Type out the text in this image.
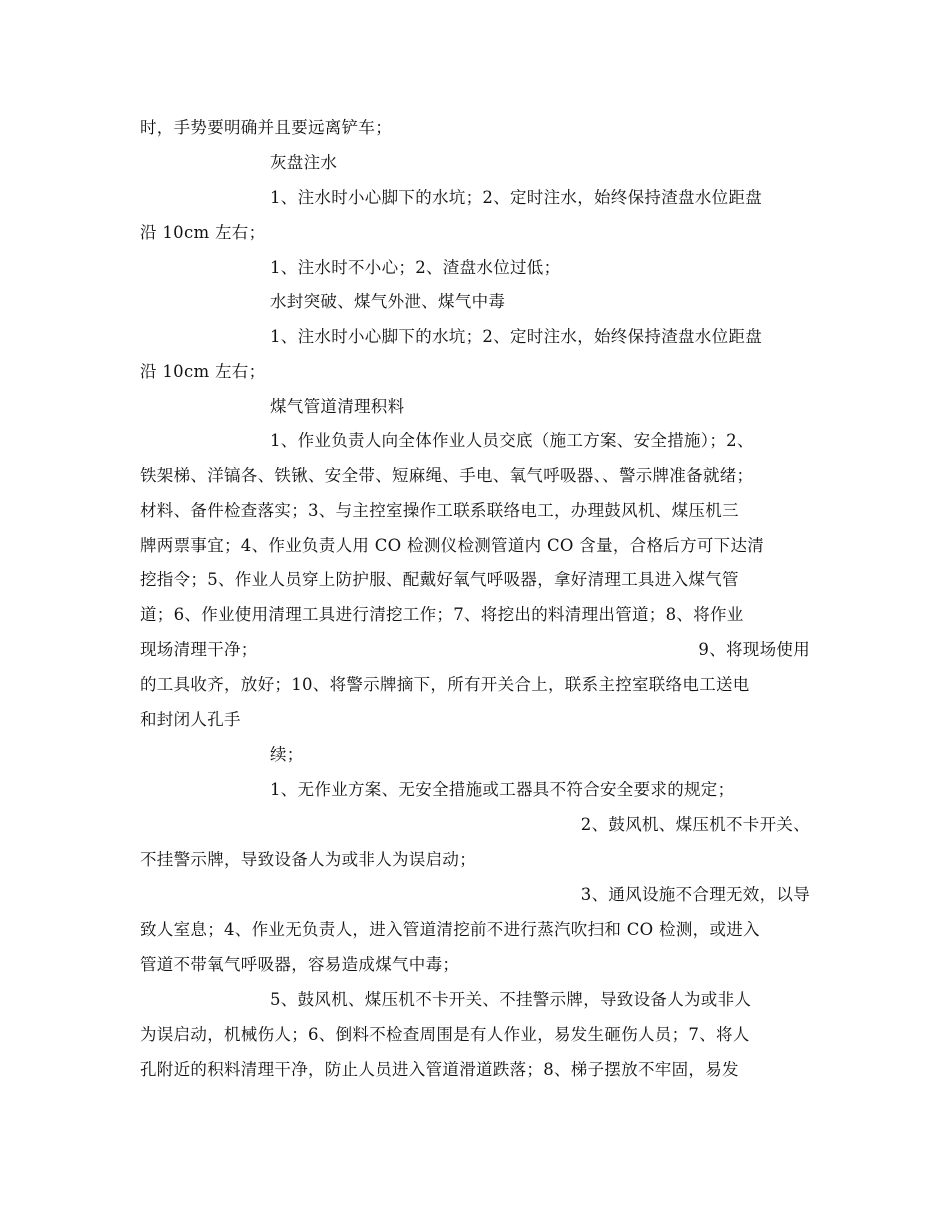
时，手势要明确并且要远离铲车；
灰盘注水
1、注水时小心脚下的水坑；2、定时注水，始终保持渣盘水位距盘
沿 10cm 左右；
1、注水时不小心；2、渣盘水位过低；
水封突破、煤气外泄、煤气中毒
1、注水时小心脚下的水坑；2、定时注水，始终保持渣盘水位距盘
沿 10cm 左右；
煤气管道清理积料
1、作业负责人向全体作业人员交底（施工方案、安全措施）；2、
铁架梯、洋镐各、铁锹、安全带、短麻绳、手电、氧气呼吸器、、警示牌准备就绪；
材料、备件检查落实；3、与主控室操作工联系联络电工，办理鼓风机、煤压机三
牌两票事宜；4、作业负责人用 CO 检测仪检测管道内 CO 含量，合格后方可下达清
挖指令；5、作业人员穿上防护服、配戴好氧气呼吸器，拿好清理工具进入煤气管
道；6、作业使用清理工具进行清挖工作；7、将挖出的料清理出管道；8、将作业
现场清理干净；	9、将现场使用
的工具收齐，放好；10、将警示牌摘下，所有开关合上，联系主控室联络电工送电
和封闭人孔手
续；
1、无作业方案、无安全措施或工器具不符合安全要求的规定；
2、鼓风机、煤压机不卡开关、
不挂警示牌，导致设备人为或非人为误启动；
3、通风设施不合理无效，以导
致人室息；4、作业无负责人，进入管道清挖前不进行蒸汽吹扫和 CO 检测，或进入
管道不带氧气呼吸器，容易造成煤气中毒；
5、鼓风机、煤压机不卡开关、不挂警示牌，导致设备人为或非人
为误启动，机械伤人；6、倒料不检查周围是有人作业，易发生砸伤人员；7、将人
孔附近的积料清理干净，防止人员进入管道滑道跌落；8、梯子摆放不牢固，易发
